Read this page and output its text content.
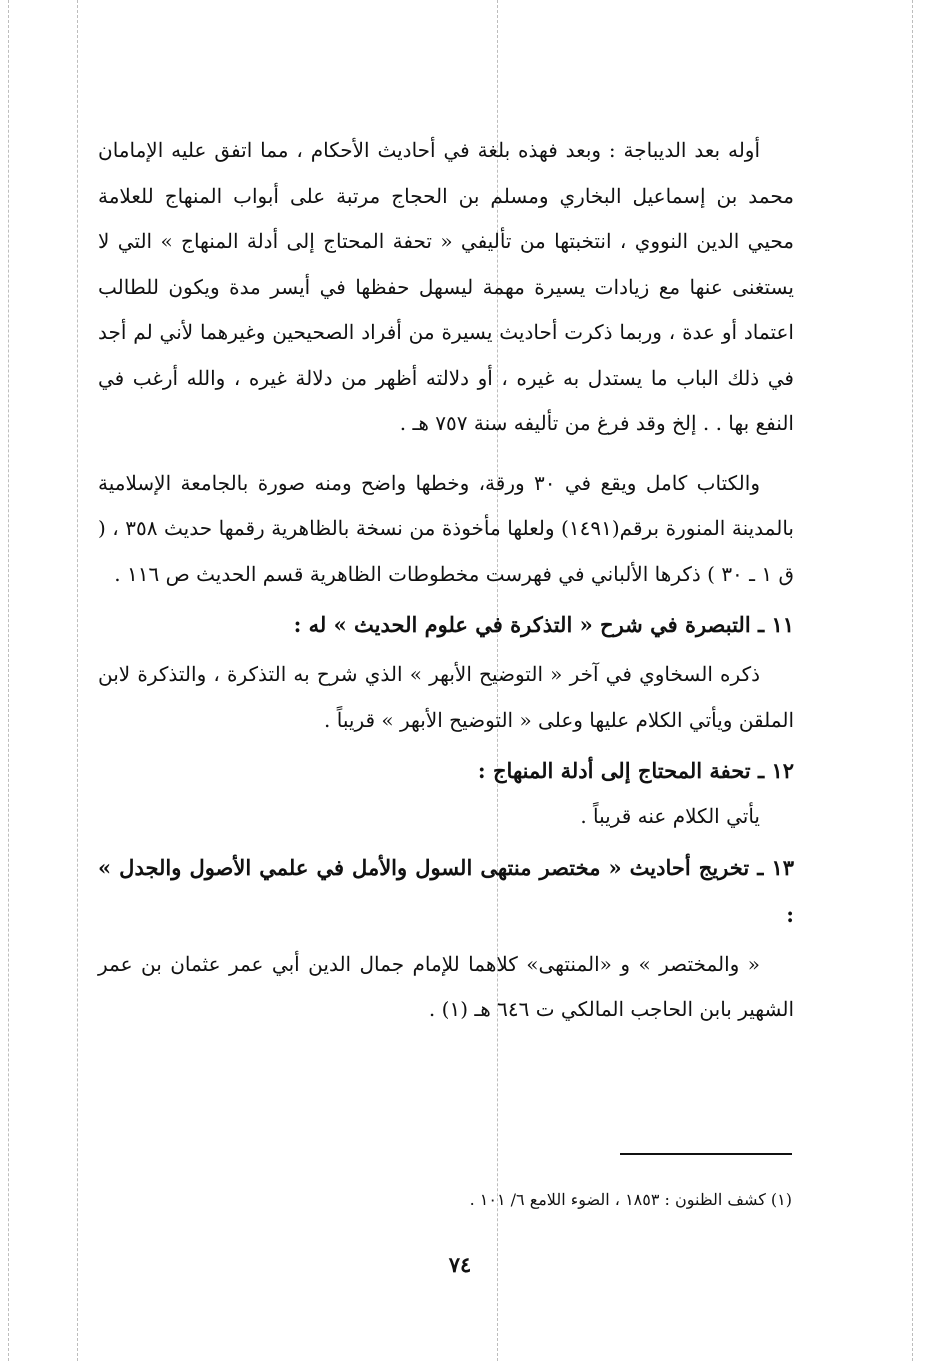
أوله بعد الديباجة : وبعد فهذه بلغة في أحاديث الأحكام ، مما اتفق عليه الإمامان محمد بن إسماعيل البخاري ومسلم بن الحجاج مرتبة على أبواب المنهاج للعلامة محيي الدين النووي ، انتخبتها من تأليفي « تحفة المحتاج إلى أدلة المنهاج » التي لا يستغنى عنها مع زيادات يسيرة مهمة ليسهل حفظها في أيسر مدة ويكون للطالب اعتماد أو عدة ، وربما ذكرت أحاديث يسيرة من أفراد الصحيحين وغيرهما لأني لم أجد في ذلك الباب ما يستدل به غيره ، أو دلالته أظهر من دلالة غيره ، والله أرغب في النفع بها . . إلخ وقد فرغ من تأليفه سنة ٧٥٧ هـ .

والكتاب كامل ويقع في ٣٠ ورقة، وخطها واضح ومنه صورة بالجامعة الإسلامية بالمدينة المنورة برقم(١٤٩١) ولعلها مأخوذة من نسخة بالظاهرية رقمها حديث ٣٥٨ ، ( ق ١ ـ ٣٠ ) ذكرها الألباني في فهرست مخطوطات الظاهرية قسم الحديث ص ١١٦ .

١١ ـ التبصرة في شرح « التذكرة في علوم الحديث » له :

ذكره السخاوي في آخر « التوضيح الأبهر » الذي شرح به التذكرة ، والتذكرة لابن الملقن ويأتي الكلام عليها وعلى « التوضيح الأبهر » قريباً .

١٢ ـ تحفة المحتاج إلى أدلة المنهاج :

يأتي الكلام عنه قريباً .

١٣ ـ تخريج أحاديث « مختصر منتهى السول والأمل في علمي الأصول والجدل » :

« والمختصر » و «المنتهى» كلاهما للإمام جمال الدين أبي عمر عثمان بن عمر الشهير بابن الحاجب المالكي ت ٦٤٦ هـ (١) .

(١) كشف الظنون : ١٨٥٣ ، الضوء اللامع ٦/ ١٠١ .
٧٤
